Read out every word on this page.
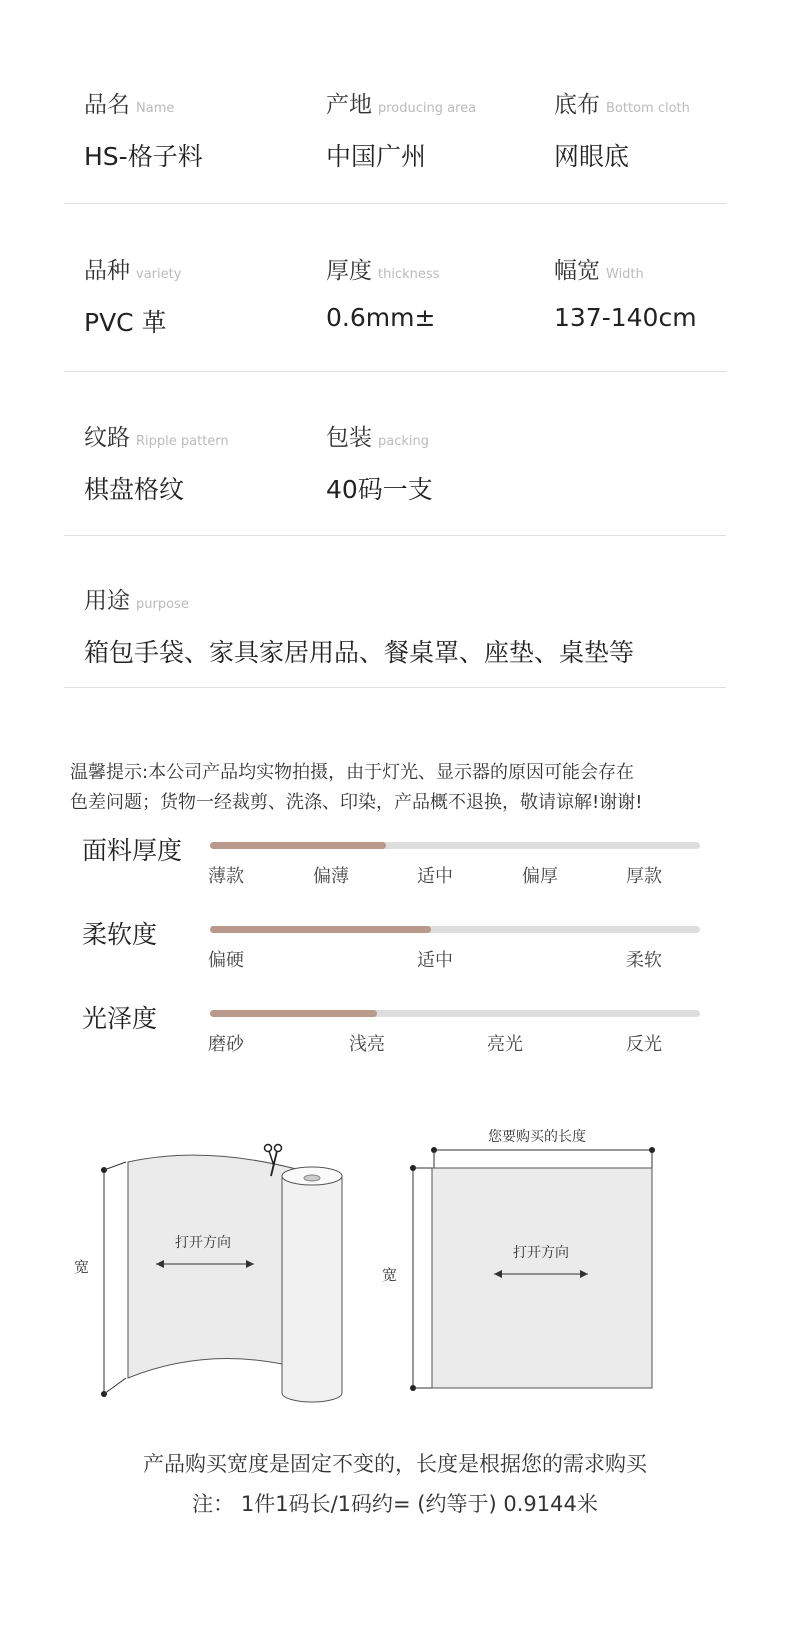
品名 Name
HS-格子料
产地 producing area
中国广州
底布 Bottom cloth
网眼底
品种 variety
PVC 革
厚度 thickness
0.6mm±
幅宽 Width
137-140cm
纹路 Ripple pattern
棋盘格纹
包装 packing
40码一支
用途 purpose
箱包手袋、家具家居用品、餐桌罩、座垫、桌垫等
温馨提示:本公司产品均实物拍摄，由于灯光、显示器的原因可能会存在
色差问题；货物一经裁剪、洗涤、印染，产品概不退换，敬请谅解!谢谢!
面料厚度
薄款	偏薄	适中	偏厚	厚款
柔软度
偏硬	适中	柔软
光泽度
磨砂	浅亮	亮光	反光
宽
打开方向
您要购买的长度
宽
打开方向
产品购买宽度是固定不变的，长度是根据您的需求购买
注： 1件1码长/1码约= (约等于) 0.9144米
